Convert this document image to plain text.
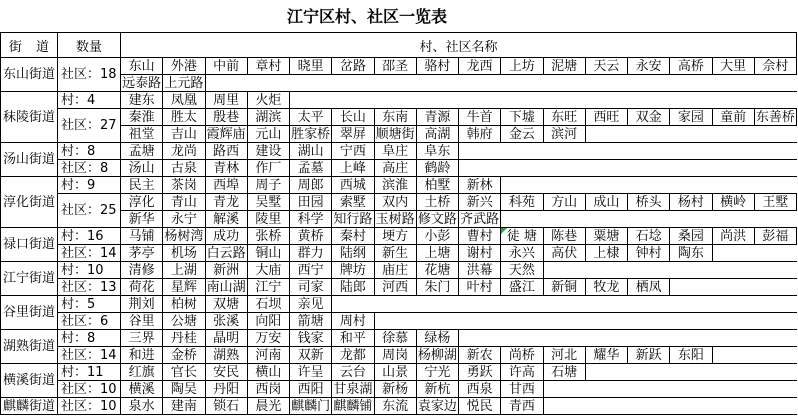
江宁区村、社区一览表
街 道	数量	村、社区名称															
东山街道	社区：18	东山	外港	中前	章村	晓里	岔路	邵圣	骆村	龙西	上坊	泥塘	天云	永安	高桥	大里	佘村
		远泰路	上元路														
秣陵街道	村：4	建东	凤凰	周里	火炬												
	社区：27	秦淮	胜太	殷巷	湖滨	太平	长山	东南	青源	牛首	下墟	东旺	西旺	双金	家园	童前	东善桥
		祖堂	吉山	霞辉庙	元山	胜家桥	翠屏	顺塘街	高湖	韩府	金云	滨河					
汤山街道	村：8	孟塘	龙尚	路西	建设	湖山	宁西	阜庄	阜东								
	社区：8	汤山	古泉	青林	作厂	孟墓	上峰	高庄	鹤龄								
淳化街道	村：9	民主	茶岗	西埠	周子	周郎	西城	滨淮	柏墅	新林							
	社区：25	淳化	青山	青龙	吴墅	田园	索墅	双内	土桥	新兴	科苑	方山	成山	桥头	杨村	横岭	王墅
		新华	永宁	解溪	陵里	科学	知行路	玉树路	修文路	齐武路							
禄口街道	村：16	马铺	杨树湾	成功	张桥	黄桥	秦村	埂方	小彭	曹村	徒 塘	陈巷	粟塘	石埝	桑园	尚洪	彭福
	社区：14	茅亭	机场	白云路	铜山	群力	陆纲	新生	上塘	谢村	永兴	高伏	上棣	钟村	陶东		
江宁街道	村：10	清修	上湖	新洲	大庙	西宁	牌坊	庙庄	花塘	洪幕	天然						
	社区：13	荷花	星辉	南山湖	江宁	司家	陆郎	河西	朱门	叶村	盛江	新铜	牧龙	栖凤			
谷里街道	村：5	荆刘	柏树	双塘	石坝	亲见											
	社区：6	谷里	公塘	张溪	向阳	箭塘	周村										
湖熟街道	村：8	三界	丹桂	晶明	万安	钱家	和平	徐慕	绿杨								
	社区：14	和进	金桥	湖熟	河南	双新	龙都	周岗	杨柳湖	新农	尚桥	河北	耀华	新跃	东阳		
横溪街道	村：11	红旗	官长	安民	横山	许呈	云台	山景	宁光	勇跃	许高	石塘					
	社区：10	横溪	陶吴	丹阳	西岗	西阳	甘泉湖	新杨	新杭	西泉	甘西						
麒麟街道	社区：10	泉水	建南	锁石	晨光	麒麟门	麒麟铺	东流	袁家边	悦民	青西						
